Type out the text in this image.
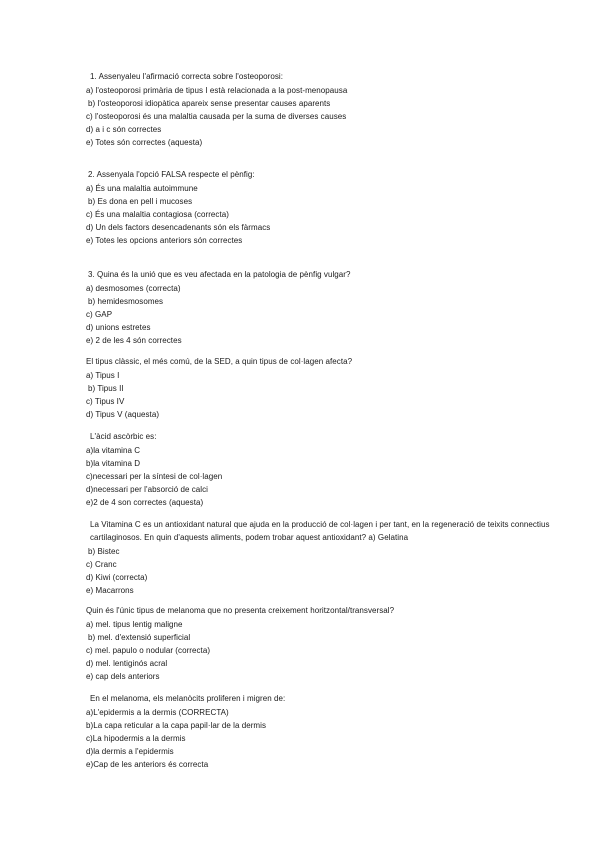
1. Assenyaleu l'afirmació correcta sobre l'osteoporosi:
a) l'osteoporosi primària de tipus I està relacionada a la post-menopausa
b) l'osteoporosi idiopàtica apareix sense presentar causes aparents
c) l'osteoporosi és una malaltia causada per la suma de diverses causes
d) a i c són correctes
e) Totes són correctes (aquesta)
2. Assenyala l'opció FALSA respecte el pènfig:
a) És una malaltia autoimmune
b) Es dona en pell i mucoses
c) És una malaltia contagiosa (correcta)
d) Un dels factors desencadenants són els fàrmacs
e) Totes les opcions anteriors són correctes
3. Quina és la unió que es veu afectada en la patologia de pènfig vulgar?
a) desmosomes (correcta)
b) hemidesmosomes
c) GAP
d) unions estretes
e) 2 de les 4 són correctes
El tipus clàssic, el més comú, de la SED, a quin tipus de col·lagen afecta?
a) Tipus I
b) Tipus II
c) Tipus IV
d) Tipus V (aquesta)
L'àcid ascòrbic es:
a)la vitamina C
b)la vitamina D
c)necessari per la síntesi de col·lagen
d)necessari per l'absorció de calci
e)2 de 4 son correctes (aquesta)
La Vitamina C es un antioxidant natural que ajuda en la producció de col·lagen i per tant, en la regeneració de teixits connectius cartilaginosos. En quin d'aquests aliments, podem trobar aquest antioxidant? a) Gelatina
b) Bistec
c) Cranc
d) Kiwi (correcta)
e) Macarrons
Quin és l'únic tipus de melanoma que no presenta creixement horitzontal/transversal?
a) mel. tipus lentig maligne
b) mel. d'extensió superficial
c) mel. papulo o nodular (correcta)
d) mel. lentiginós acral
e) cap dels anteriors
En el melanoma, els melanòcits proliferen i migren de:
a)L'epidermis a la dermis (CORRECTA)
b)La capa reticular a la capa papil·lar de la dermis
c)La hipodermis a la dermis
d)la dermis a l'epidermis
e)Cap de les anteriors és correcta
